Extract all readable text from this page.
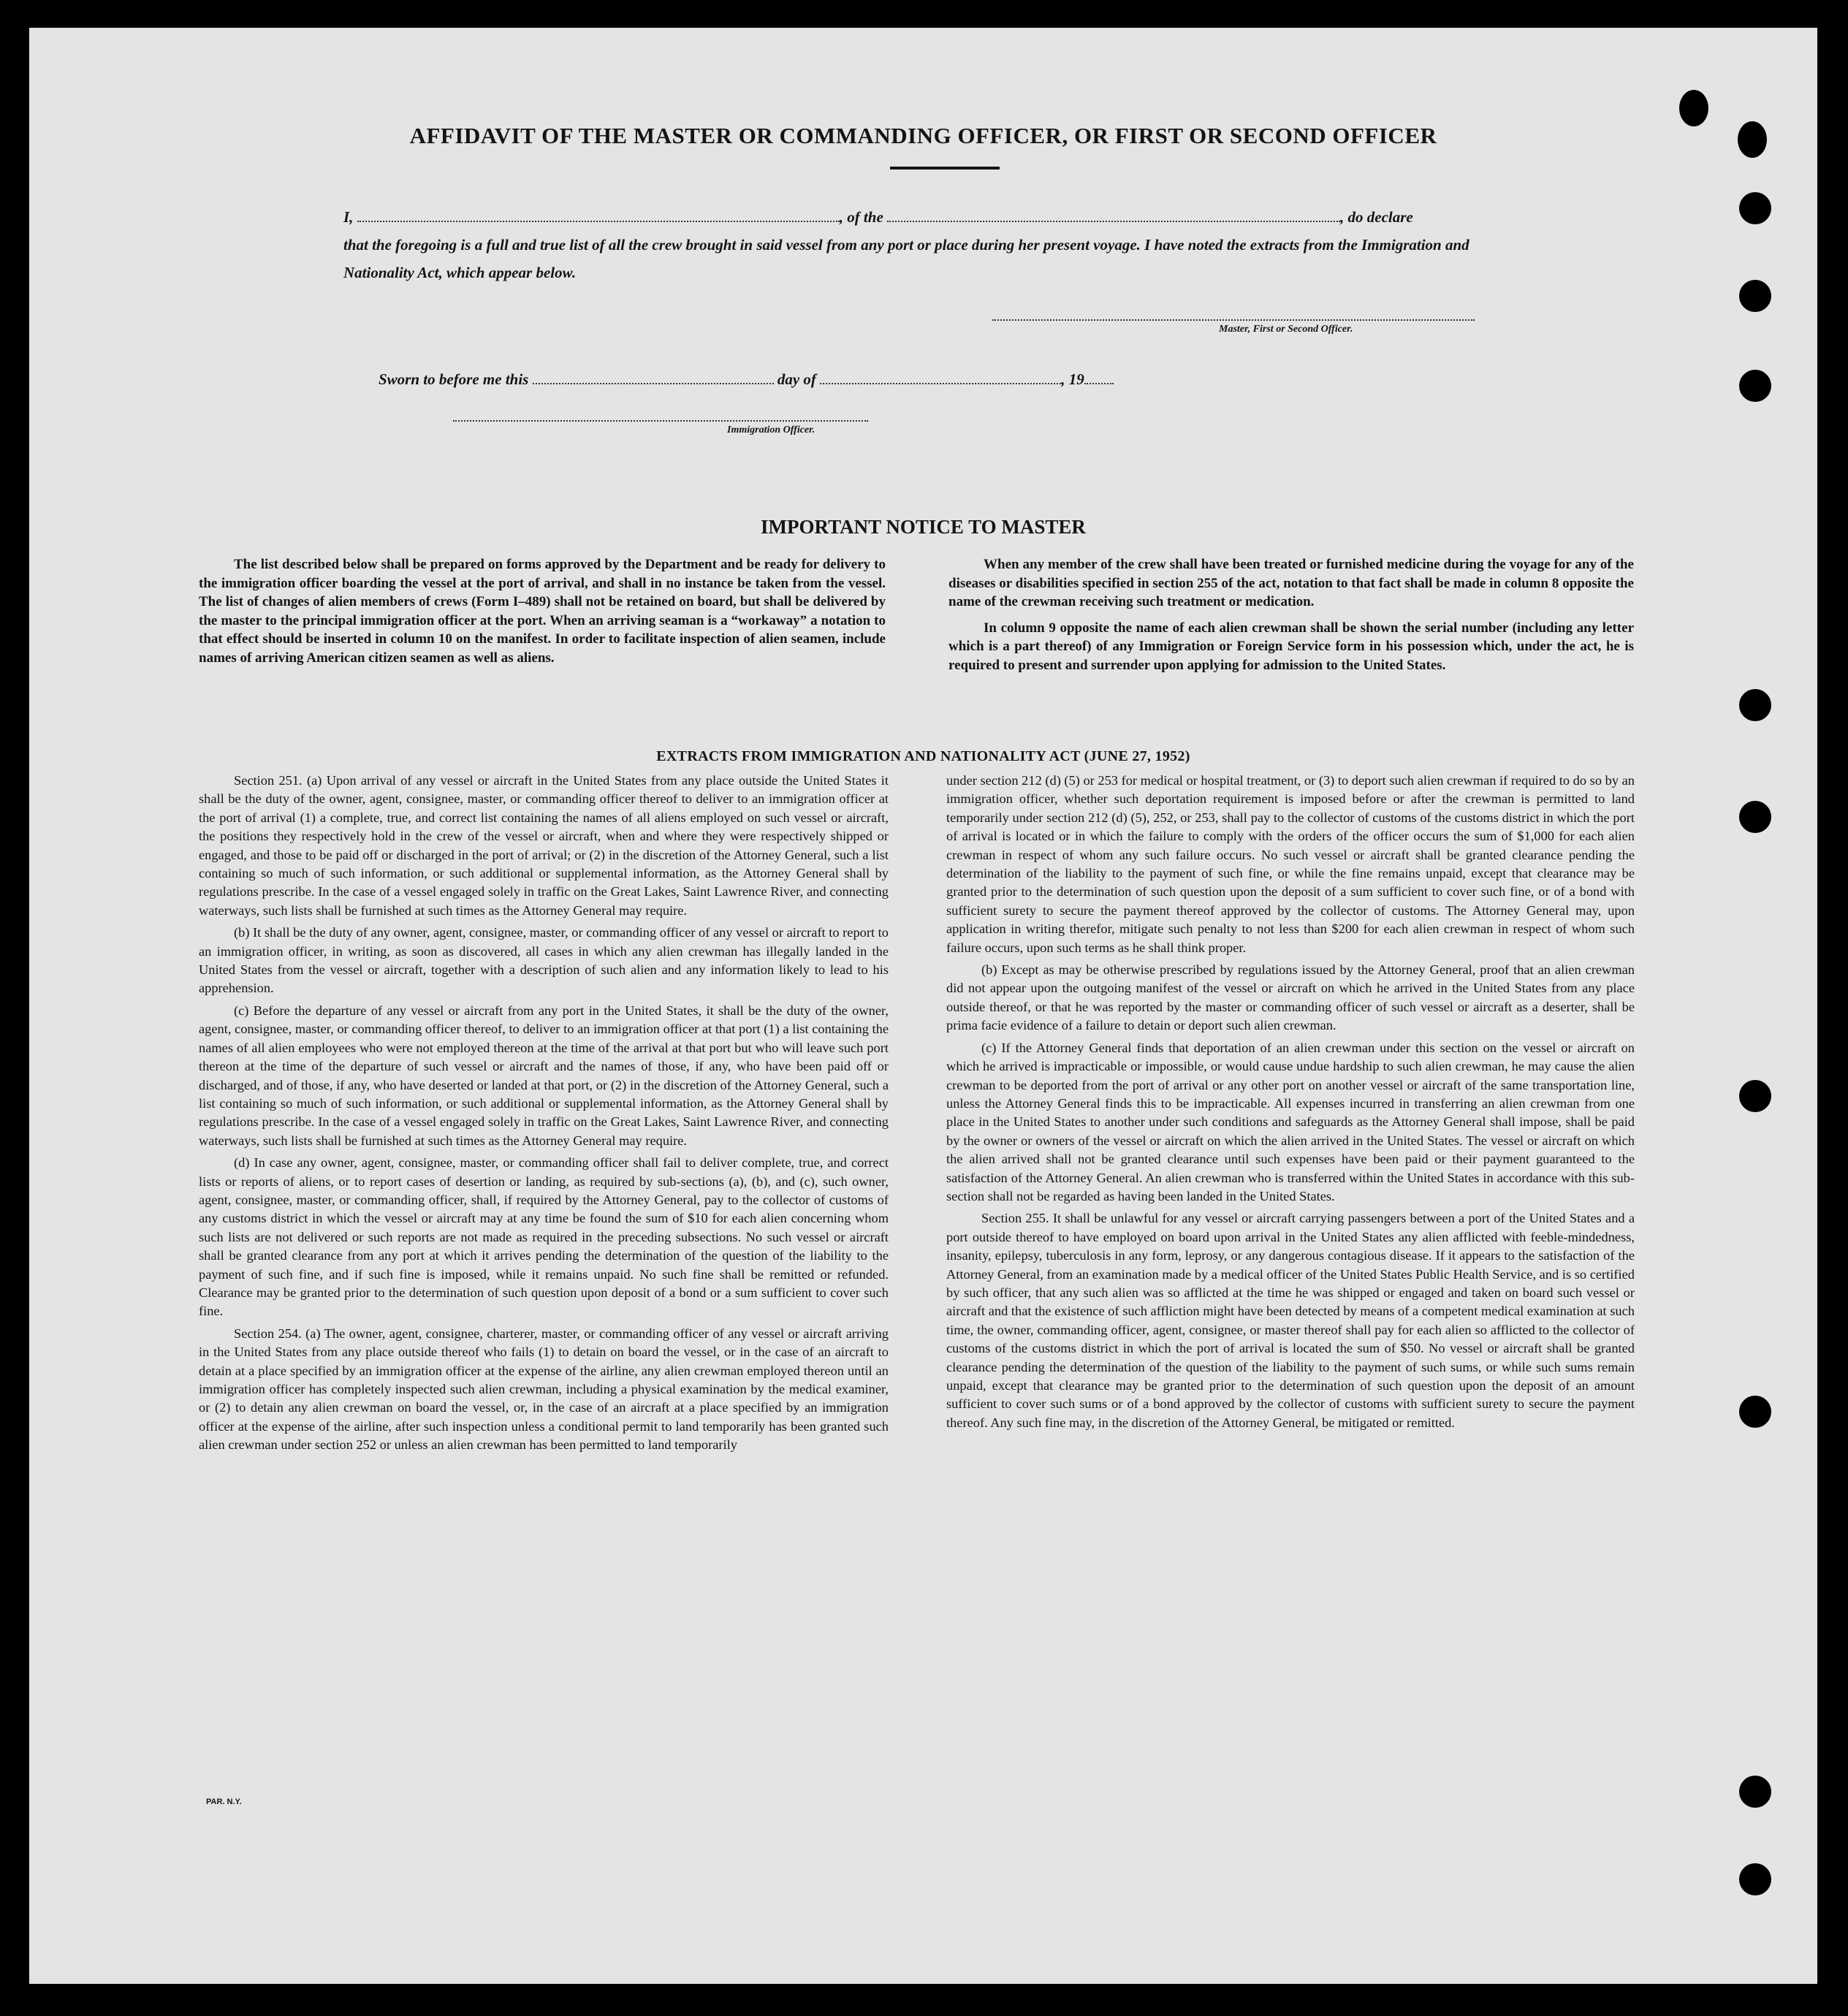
AFFIDAVIT OF THE MASTER OR COMMANDING OFFICER, OR FIRST OR SECOND OFFICER
I,	, of the	, do declare
that the foregoing is a full and true list of all the crew brought in said vessel from any port or place during her present voyage. I have noted the extracts from the Immigration and Nationality Act, which appear below.
Master, First or Second Officer.
Sworn to before me this	day of	, 19
Immigration Officer.
IMPORTANT NOTICE TO MASTER

The list described below shall be prepared on forms approved by the Department and be ready for delivery to the immigration officer boarding the vessel at the port of arrival, and shall in no instance be taken from the vessel. The list of changes of alien members of crews (Form I–489) shall not be retained on board, but shall be delivered by the master to the principal immigration officer at the port. When an arriving seaman is a “workaway” a notation to that effect should be inserted in column 10 on the manifest. In order to facilitate inspection of alien seamen, include names of arriving American citizen seamen as well as aliens.

When any member of the crew shall have been treated or furnished medicine during the voyage for any of the diseases or disabilities specified in section 255 of the act, notation to that fact shall be made in column 8 opposite the name of the crewman receiving such treatment or medication.

In column 9 opposite the name of each alien crewman shall be shown the serial number (including any letter which is a part thereof) of any Immigration or Foreign Service form in his possession which, under the act, he is required to present and surrender upon applying for admission to the United States.

EXTRACTS FROM IMMIGRATION AND NATIONALITY ACT (JUNE 27, 1952)

Section 251. (a) Upon arrival of any vessel or aircraft in the United States from any place outside the United States it shall be the duty of the owner, agent, consignee, master, or commanding officer thereof to deliver to an immigration officer at the port of arrival (1) a complete, true, and correct list containing the names of all aliens employed on such vessel or aircraft, the positions they respectively hold in the crew of the vessel or aircraft, when and where they were respectively shipped or engaged, and those to be paid off or discharged in the port of arrival; or (2) in the discretion of the Attorney General, such a list containing so much of such information, or such additional or supplemental information, as the Attorney General shall by regulations prescribe. In the case of a vessel engaged solely in traffic on the Great Lakes, Saint Lawrence River, and connecting waterways, such lists shall be furnished at such times as the Attorney General may require.

(b) It shall be the duty of any owner, agent, consignee, master, or commanding officer of any vessel or aircraft to report to an immigration officer, in writing, as soon as discovered, all cases in which any alien crewman has illegally landed in the United States from the vessel or aircraft, together with a description of such alien and any information likely to lead to his apprehension.

(c) Before the departure of any vessel or aircraft from any port in the United States, it shall be the duty of the owner, agent, consignee, master, or commanding officer thereof, to deliver to an immigration officer at that port (1) a list containing the names of all alien employees who were not employed thereon at the time of the arrival at that port but who will leave such port thereon at the time of the departure of such vessel or aircraft and the names of those, if any, who have been paid off or discharged, and of those, if any, who have deserted or landed at that port, or (2) in the discretion of the Attorney General, such a list containing so much of such information, or such additional or supplemental information, as the Attorney General shall by regulations prescribe. In the case of a vessel engaged solely in traffic on the Great Lakes, Saint Lawrence River, and connecting waterways, such lists shall be furnished at such times as the Attorney General may require.

(d) In case any owner, agent, consignee, master, or commanding officer shall fail to deliver complete, true, and correct lists or reports of aliens, or to report cases of desertion or landing, as required by sub-sections (a), (b), and (c), such owner, agent, consignee, master, or commanding officer, shall, if required by the Attorney General, pay to the collector of customs of any customs district in which the vessel or aircraft may at any time be found the sum of $10 for each alien concerning whom such lists are not delivered or such reports are not made as required in the preceding subsections. No such vessel or aircraft shall be granted clearance from any port at which it arrives pending the determination of the question of the liability to the payment of such fine, and if such fine is imposed, while it remains unpaid. No such fine shall be remitted or refunded. Clearance may be granted prior to the determination of such question upon deposit of a bond or a sum sufficient to cover such fine.

Section 254. (a) The owner, agent, consignee, charterer, master, or commanding officer of any vessel or aircraft arriving in the United States from any place outside thereof who fails (1) to detain on board the vessel, or in the case of an aircraft to detain at a place specified by an immigration officer at the expense of the airline, any alien crewman employed thereon until an immigration officer has completely inspected such alien crewman, including a physical examination by the medical examiner, or (2) to detain any alien crewman on board the vessel, or, in the case of an aircraft at a place specified by an immigration officer at the expense of the airline, after such inspection unless a conditional permit to land temporarily has been granted such alien crewman under section 252 or unless an alien crewman has been permitted to land temporarily

under section 212 (d) (5) or 253 for medical or hospital treatment, or (3) to deport such alien crewman if required to do so by an immigration officer, whether such deportation requirement is imposed before or after the crewman is permitted to land temporarily under section 212 (d) (5), 252, or 253, shall pay to the collector of customs of the customs district in which the port of arrival is located or in which the failure to comply with the orders of the officer occurs the sum of $1,000 for each alien crewman in respect of whom any such failure occurs. No such vessel or aircraft shall be granted clearance pending the determination of the liability to the payment of such fine, or while the fine remains unpaid, except that clearance may be granted prior to the determination of such question upon the deposit of a sum sufficient to cover such fine, or of a bond with sufficient surety to secure the payment thereof approved by the collector of customs. The Attorney General may, upon application in writing therefor, mitigate such penalty to not less than $200 for each alien crewman in respect of whom such failure occurs, upon such terms as he shall think proper.

(b) Except as may be otherwise prescribed by regulations issued by the Attorney General, proof that an alien crewman did not appear upon the outgoing manifest of the vessel or aircraft on which he arrived in the United States from any place outside thereof, or that he was reported by the master or commanding officer of such vessel or aircraft as a deserter, shall be prima facie evidence of a failure to detain or deport such alien crewman.

(c) If the Attorney General finds that deportation of an alien crewman under this section on the vessel or aircraft on which he arrived is impracticable or impossible, or would cause undue hardship to such alien crewman, he may cause the alien crewman to be deported from the port of arrival or any other port on another vessel or aircraft of the same transportation line, unless the Attorney General finds this to be impracticable. All expenses incurred in transferring an alien crewman from one place in the United States to another under such conditions and safeguards as the Attorney General shall impose, shall be paid by the owner or owners of the vessel or aircraft on which the alien arrived in the United States. The vessel or aircraft on which the alien arrived shall not be granted clearance until such expenses have been paid or their payment guaranteed to the satisfaction of the Attorney General. An alien crewman who is transferred within the United States in accordance with this sub-section shall not be regarded as having been landed in the United States.

Section 255. It shall be unlawful for any vessel or aircraft carrying passengers between a port of the United States and a port outside thereof to have employed on board upon arrival in the United States any alien afflicted with feeble-mindedness, insanity, epilepsy, tuberculosis in any form, leprosy, or any dangerous contagious disease. If it appears to the satisfaction of the Attorney General, from an examination made by a medical officer of the United States Public Health Service, and is so certified by such officer, that any such alien was so afflicted at the time he was shipped or engaged and taken on board such vessel or aircraft and that the existence of such affliction might have been detected by means of a competent medical examination at such time, the owner, commanding officer, agent, consignee, or master thereof shall pay for each alien so afflicted to the collector of customs of the customs district in which the port of arrival is located the sum of $50. No vessel or aircraft shall be granted clearance pending the determination of the question of the liability to the payment of such sums, or while such sums remain unpaid, except that clearance may be granted prior to the determination of such question upon the deposit of an amount sufficient to cover such sums or of a bond approved by the collector of customs with sufficient surety to secure the payment thereof. Any such fine may, in the discretion of the Attorney General, be mitigated or remitted.

PAR. N.Y.
